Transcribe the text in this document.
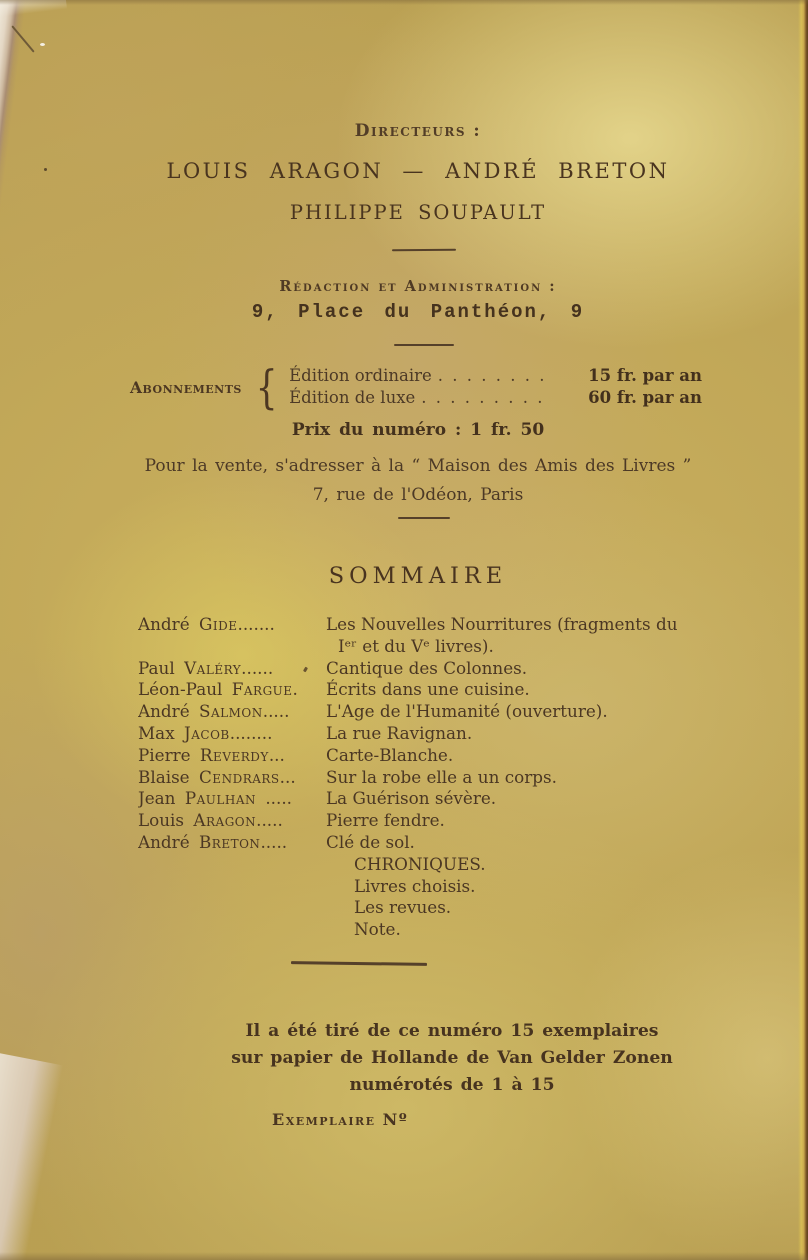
Directeurs :
LOUIS ARAGON — ANDRÉ BRETON
PHILIPPE SOUPAULT
Rédaction et Administration :
9, Place du Panthéon, 9
Abonnements { Édition ordinaire . . . . . . . .	15 fr. par an
Édition de luxe . . . . . . . . .	60 fr. par an
Prix du numéro : 1 fr. 50
Pour la vente, s'adresser à la “ Maison des Amis des Livres ”
7, rue de l'Odéon, Paris
SOMMAIRE
André Gide.......	Les Nouvelles Nourritures (fragments du
Iᵉʳ et du Vᵉ livres).
Paul Valéry......	Cantique des Colonnes.
Léon-Paul Fargue.	Écrits dans une cuisine.
André Salmon.....	L'Age de l'Humanité (ouverture).
Max Jacob........	La rue Ravignan.
Pierre Reverdy...	Carte-Blanche.
Blaise Cendrars...	Sur la robe elle a un corps.
Jean Paulhan .....	La Guérison sévère.
Louis Aragon.....	Pierre fendre.
André Breton.....	Clé de sol.
CHRONIQUES.
Livres choisis.
Les revues.
Note.
Il a été tiré de ce numéro 15 exemplaires
sur papier de Hollande de Van Gelder Zonen
numérotés de 1 à 15
Exemplaire Nº
